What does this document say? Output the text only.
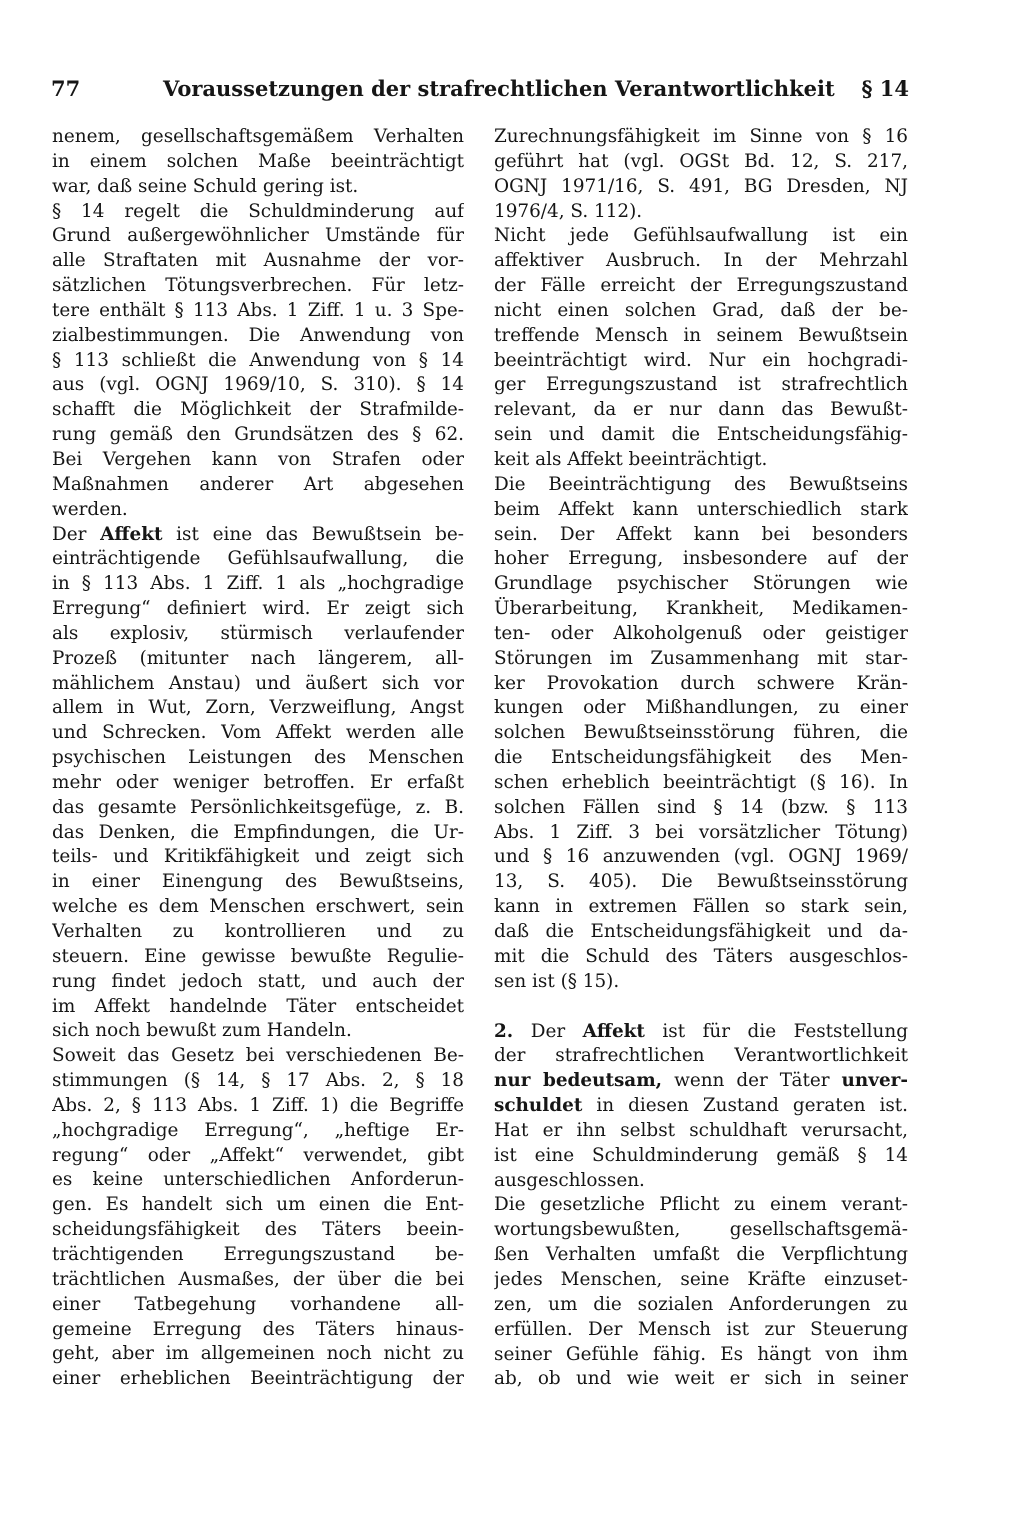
77	Voraussetzungen der strafrechtlichen Verantwortlichkeit § 14
nenem, gesellschaftsgemäßem Verhalten
in einem solchen Maße beeinträchtigt
war, daß seine Schuld gering ist.
§ 14 regelt die Schuldminderung auf
Grund außergewöhnlicher Umstände für
alle Straftaten mit Ausnahme der vor-
sätzlichen Tötungsverbrechen. Für letz-
tere enthält § 113 Abs. 1 Ziff. 1 u. 3 Spe-
zialbestimmungen. Die Anwendung von
§ 113 schließt die Anwendung von § 14
aus (vgl. OGNJ 1969/10, S. 310). § 14
schafft die Möglichkeit der Strafmilde-
rung gemäß den Grundsätzen des § 62.
Bei Vergehen kann von Strafen oder
Maßnahmen anderer Art abgesehen
werden.
Der Affekt ist eine das Bewußtsein be-
einträchtigende Gefühlsaufwallung, die
in § 113 Abs. 1 Ziff. 1 als „hochgradige
Erregung“ definiert wird. Er zeigt sich
als explosiv, stürmisch verlaufender
Prozeß (mitunter nach längerem, all-
mählichem Anstau) und äußert sich vor
allem in Wut, Zorn, Verzweiflung, Angst
und Schrecken. Vom Affekt werden alle
psychischen Leistungen des Menschen
mehr oder weniger betroffen. Er erfaßt
das gesamte Persönlichkeitsgefüge, z. B.
das Denken, die Empfindungen, die Ur-
teils- und Kritikfähigkeit und zeigt sich
in einer Einengung des Bewußtseins,
welche es dem Menschen erschwert, sein
Verhalten zu kontrollieren und zu
steuern. Eine gewisse bewußte Regulie-
rung findet jedoch statt, und auch der
im Affekt handelnde Täter entscheidet
sich noch bewußt zum Handeln.
Soweit das Gesetz bei verschiedenen Be-
stimmungen (§ 14, § 17 Abs. 2, § 18
Abs. 2, § 113 Abs. 1 Ziff. 1) die Begriffe
„hochgradige Erregung“, „heftige Er-
regung“ oder „Affekt“ verwendet, gibt
es keine unterschiedlichen Anforderun-
gen. Es handelt sich um einen die Ent-
scheidungsfähigkeit des Täters beein-
trächtigenden Erregungszustand be-
trächtlichen Ausmaßes, der über die bei
einer Tatbegehung vorhandene all-
gemeine Erregung des Täters hinaus-
geht, aber im allgemeinen noch nicht zu
einer erheblichen Beeinträchtigung der
Zurechnungsfähigkeit im Sinne von § 16
geführt hat (vgl. OGSt Bd. 12, S. 217,
OGNJ 1971/16, S. 491, BG Dresden, NJ
1976/4, S. 112).
Nicht jede Gefühlsaufwallung ist ein
affektiver Ausbruch. In der Mehrzahl
der Fälle erreicht der Erregungszustand
nicht einen solchen Grad, daß der be-
treffende Mensch in seinem Bewußtsein
beeinträchtigt wird. Nur ein hochgradi-
ger Erregungszustand ist strafrechtlich
relevant, da er nur dann das Bewußt-
sein und damit die Entscheidungsfähig-
keit als Affekt beeinträchtigt.
Die Beeinträchtigung des Bewußtseins
beim Affekt kann unterschiedlich stark
sein. Der Affekt kann bei besonders
hoher Erregung, insbesondere auf der
Grundlage psychischer Störungen wie
Überarbeitung, Krankheit, Medikamen-
ten- oder Alkoholgenuß oder geistiger
Störungen im Zusammenhang mit star-
ker Provokation durch schwere Krän-
kungen oder Mißhandlungen, zu einer
solchen Bewußtseinsstörung führen, die
die Entscheidungsfähigkeit des Men-
schen erheblich beeinträchtigt (§ 16). In
solchen Fällen sind § 14 (bzw. § 113
Abs. 1 Ziff. 3 bei vorsätzlicher Tötung)
und § 16 anzuwenden (vgl. OGNJ 1969/
13, S. 405). Die Bewußtseinsstörung
kann in extremen Fällen so stark sein,
daß die Entscheidungsfähigkeit und da-
mit die Schuld des Täters ausgeschlos-
sen ist (§ 15).
2. Der Affekt ist für die Feststellung
der strafrechtlichen Verantwortlichkeit
nur bedeutsam, wenn der Täter unver-
schuldet in diesen Zustand geraten ist.
Hat er ihn selbst schuldhaft verursacht,
ist eine Schuldminderung gemäß § 14
ausgeschlossen.
Die gesetzliche Pflicht zu einem verant-
wortungsbewußten, gesellschaftsgemä-
ßen Verhalten umfaßt die Verpflichtung
jedes Menschen, seine Kräfte einzuset-
zen, um die sozialen Anforderungen zu
erfüllen. Der Mensch ist zur Steuerung
seiner Gefühle fähig. Es hängt von ihm
ab, ob und wie weit er sich in seiner
